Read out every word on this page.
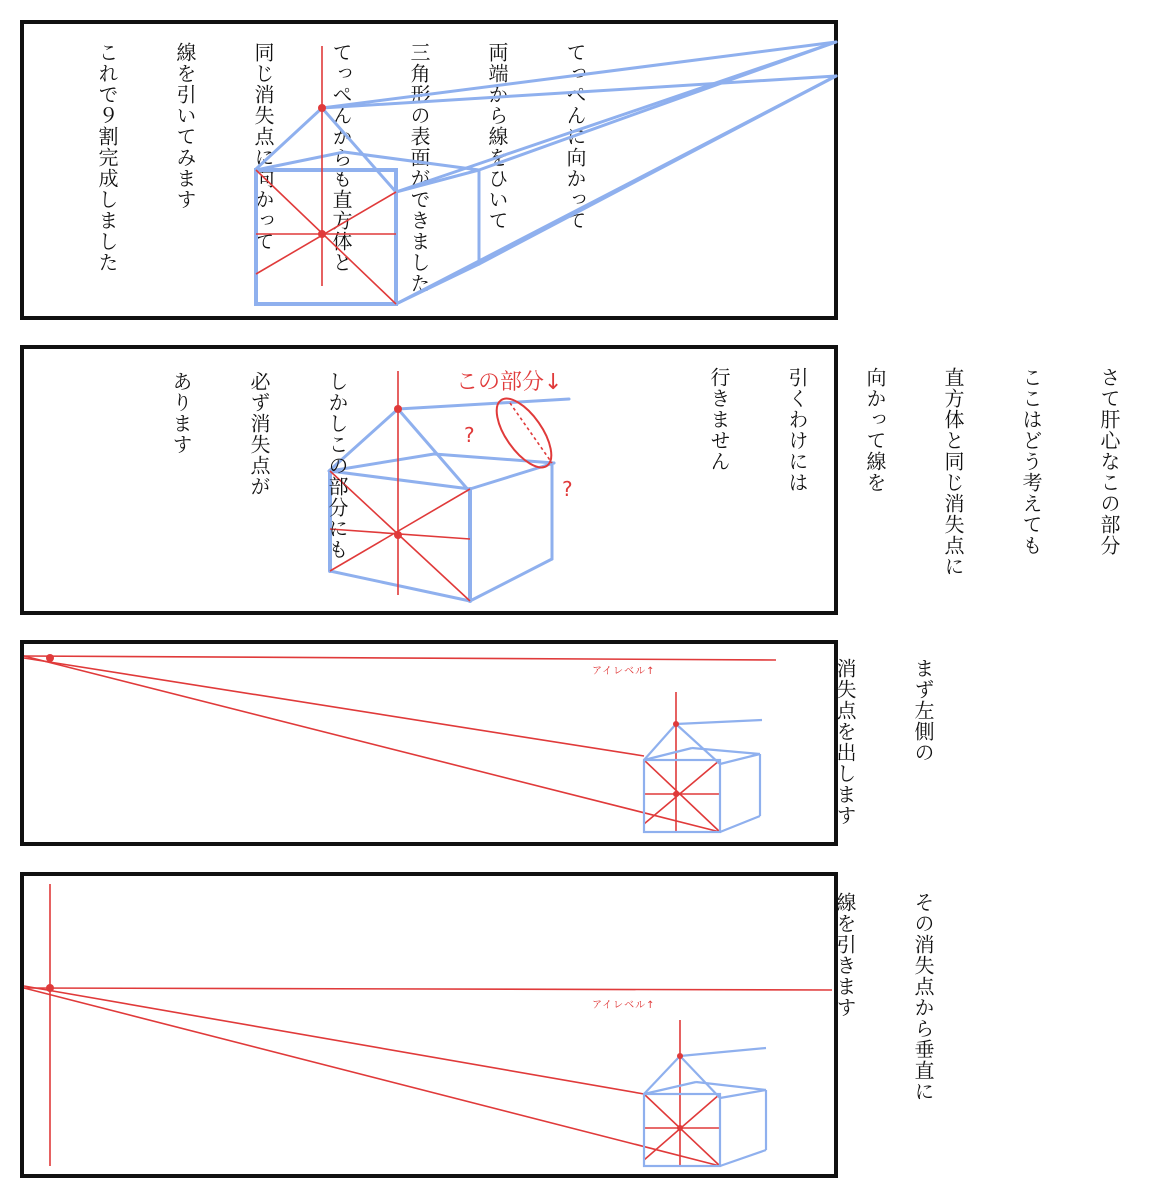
てっぺんに向かって

両端から線をひいて

三角形の表面ができました

てっぺんからも直方体と

同じ消失点に向かって

線を引いてみます

これで９割完成しました

この部分↓
?
?

しかしこの部分にも

必ず消失点が

あります

	さて肝心なこの部分

ここはどう考えても

直方体と同じ消失点に

向かって線を

引くわけには

行きません

アイレベル↑

	まず左側の

消失点を出します

アイレベル↑

	その消失点から垂直に

線を引きます
